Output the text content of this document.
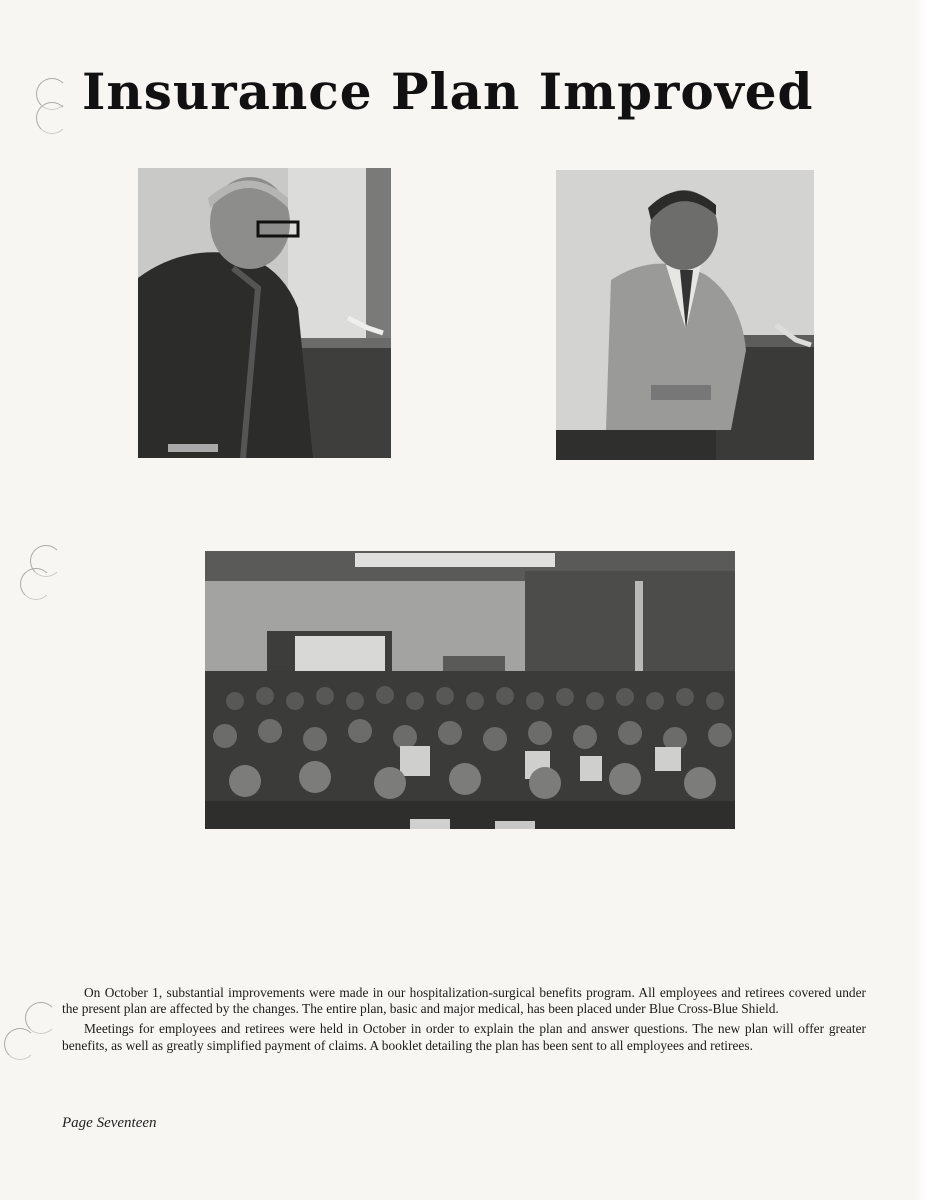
Insurance Plan Improved

On October 1, substantial improvements were made in our hospitalization-surgical benefits program. All employees and retirees covered under the present plan are affected by the changes. The entire plan, basic and major medical, has been placed under Blue Cross-Blue Shield.

Meetings for employees and retirees were held in October in order to explain the plan and answer questions. The new plan will offer greater benefits, as well as greatly simplified payment of claims. A booklet detailing the plan has been sent to all employees and retirees.

Page Seventeen
